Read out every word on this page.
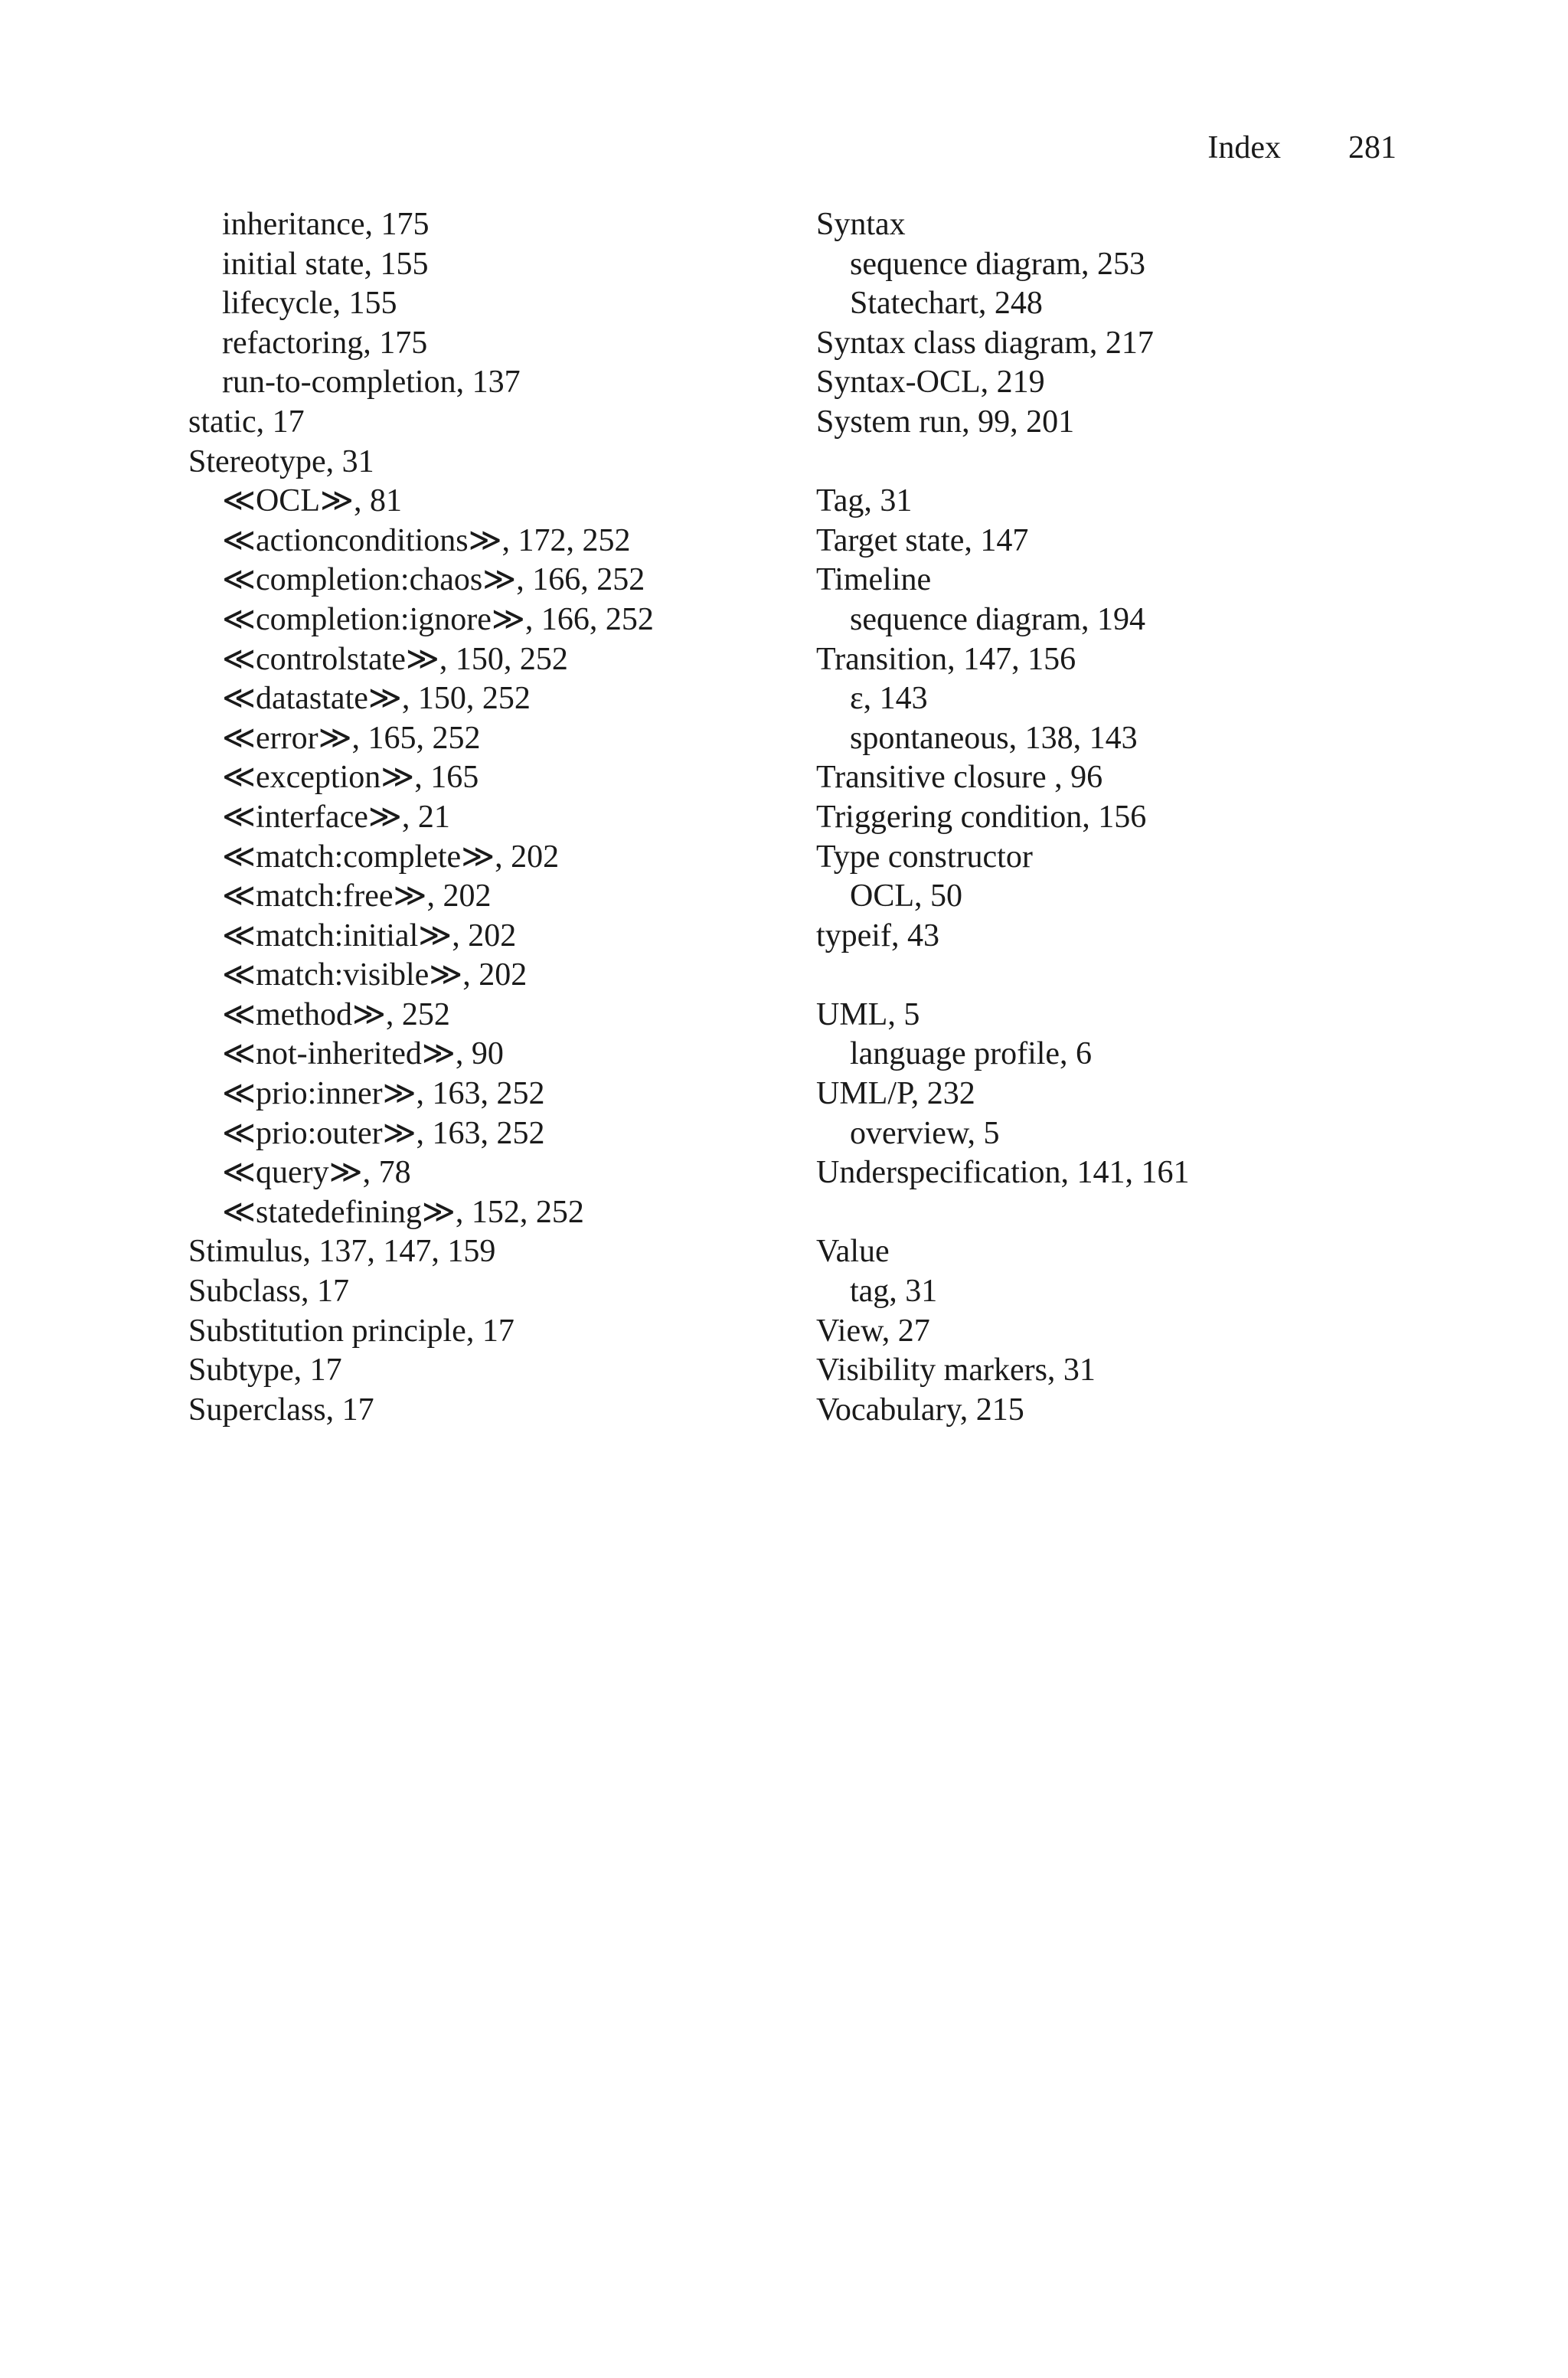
Index 281
inheritance, 175
initial state, 155
lifecycle, 155
refactoring, 175
run-to-completion, 137
static, 17
Stereotype, 31
≪OCL≫, 81
≪actionconditions≫, 172, 252
≪completion:chaos≫, 166, 252
≪completion:ignore≫, 166, 252
≪controlstate≫, 150, 252
≪datastate≫, 150, 252
≪error≫, 165, 252
≪exception≫, 165
≪interface≫, 21
≪match:complete≫, 202
≪match:free≫, 202
≪match:initial≫, 202
≪match:visible≫, 202
≪method≫, 252
≪not-inherited≫, 90
≪prio:inner≫, 163, 252
≪prio:outer≫, 163, 252
≪query≫, 78
≪statedefining≫, 152, 252
Stimulus, 137, 147, 159
Subclass, 17
Substitution principle, 17
Subtype, 17
Superclass, 17
Syntax
sequence diagram, 253
Statechart, 248
Syntax class diagram, 217
Syntax-OCL, 219
System run, 99, 201
Tag, 31
Target state, 147
Timeline
sequence diagram, 194
Transition, 147, 156
ε, 143
spontaneous, 138, 143
Transitive closure , 96
Triggering condition, 156
Type constructor
OCL, 50
typeif, 43
UML, 5
language profile, 6
UML/P, 232
overview, 5
Underspecification, 141, 161
Value
tag, 31
View, 27
Visibility markers, 31
Vocabulary, 215
